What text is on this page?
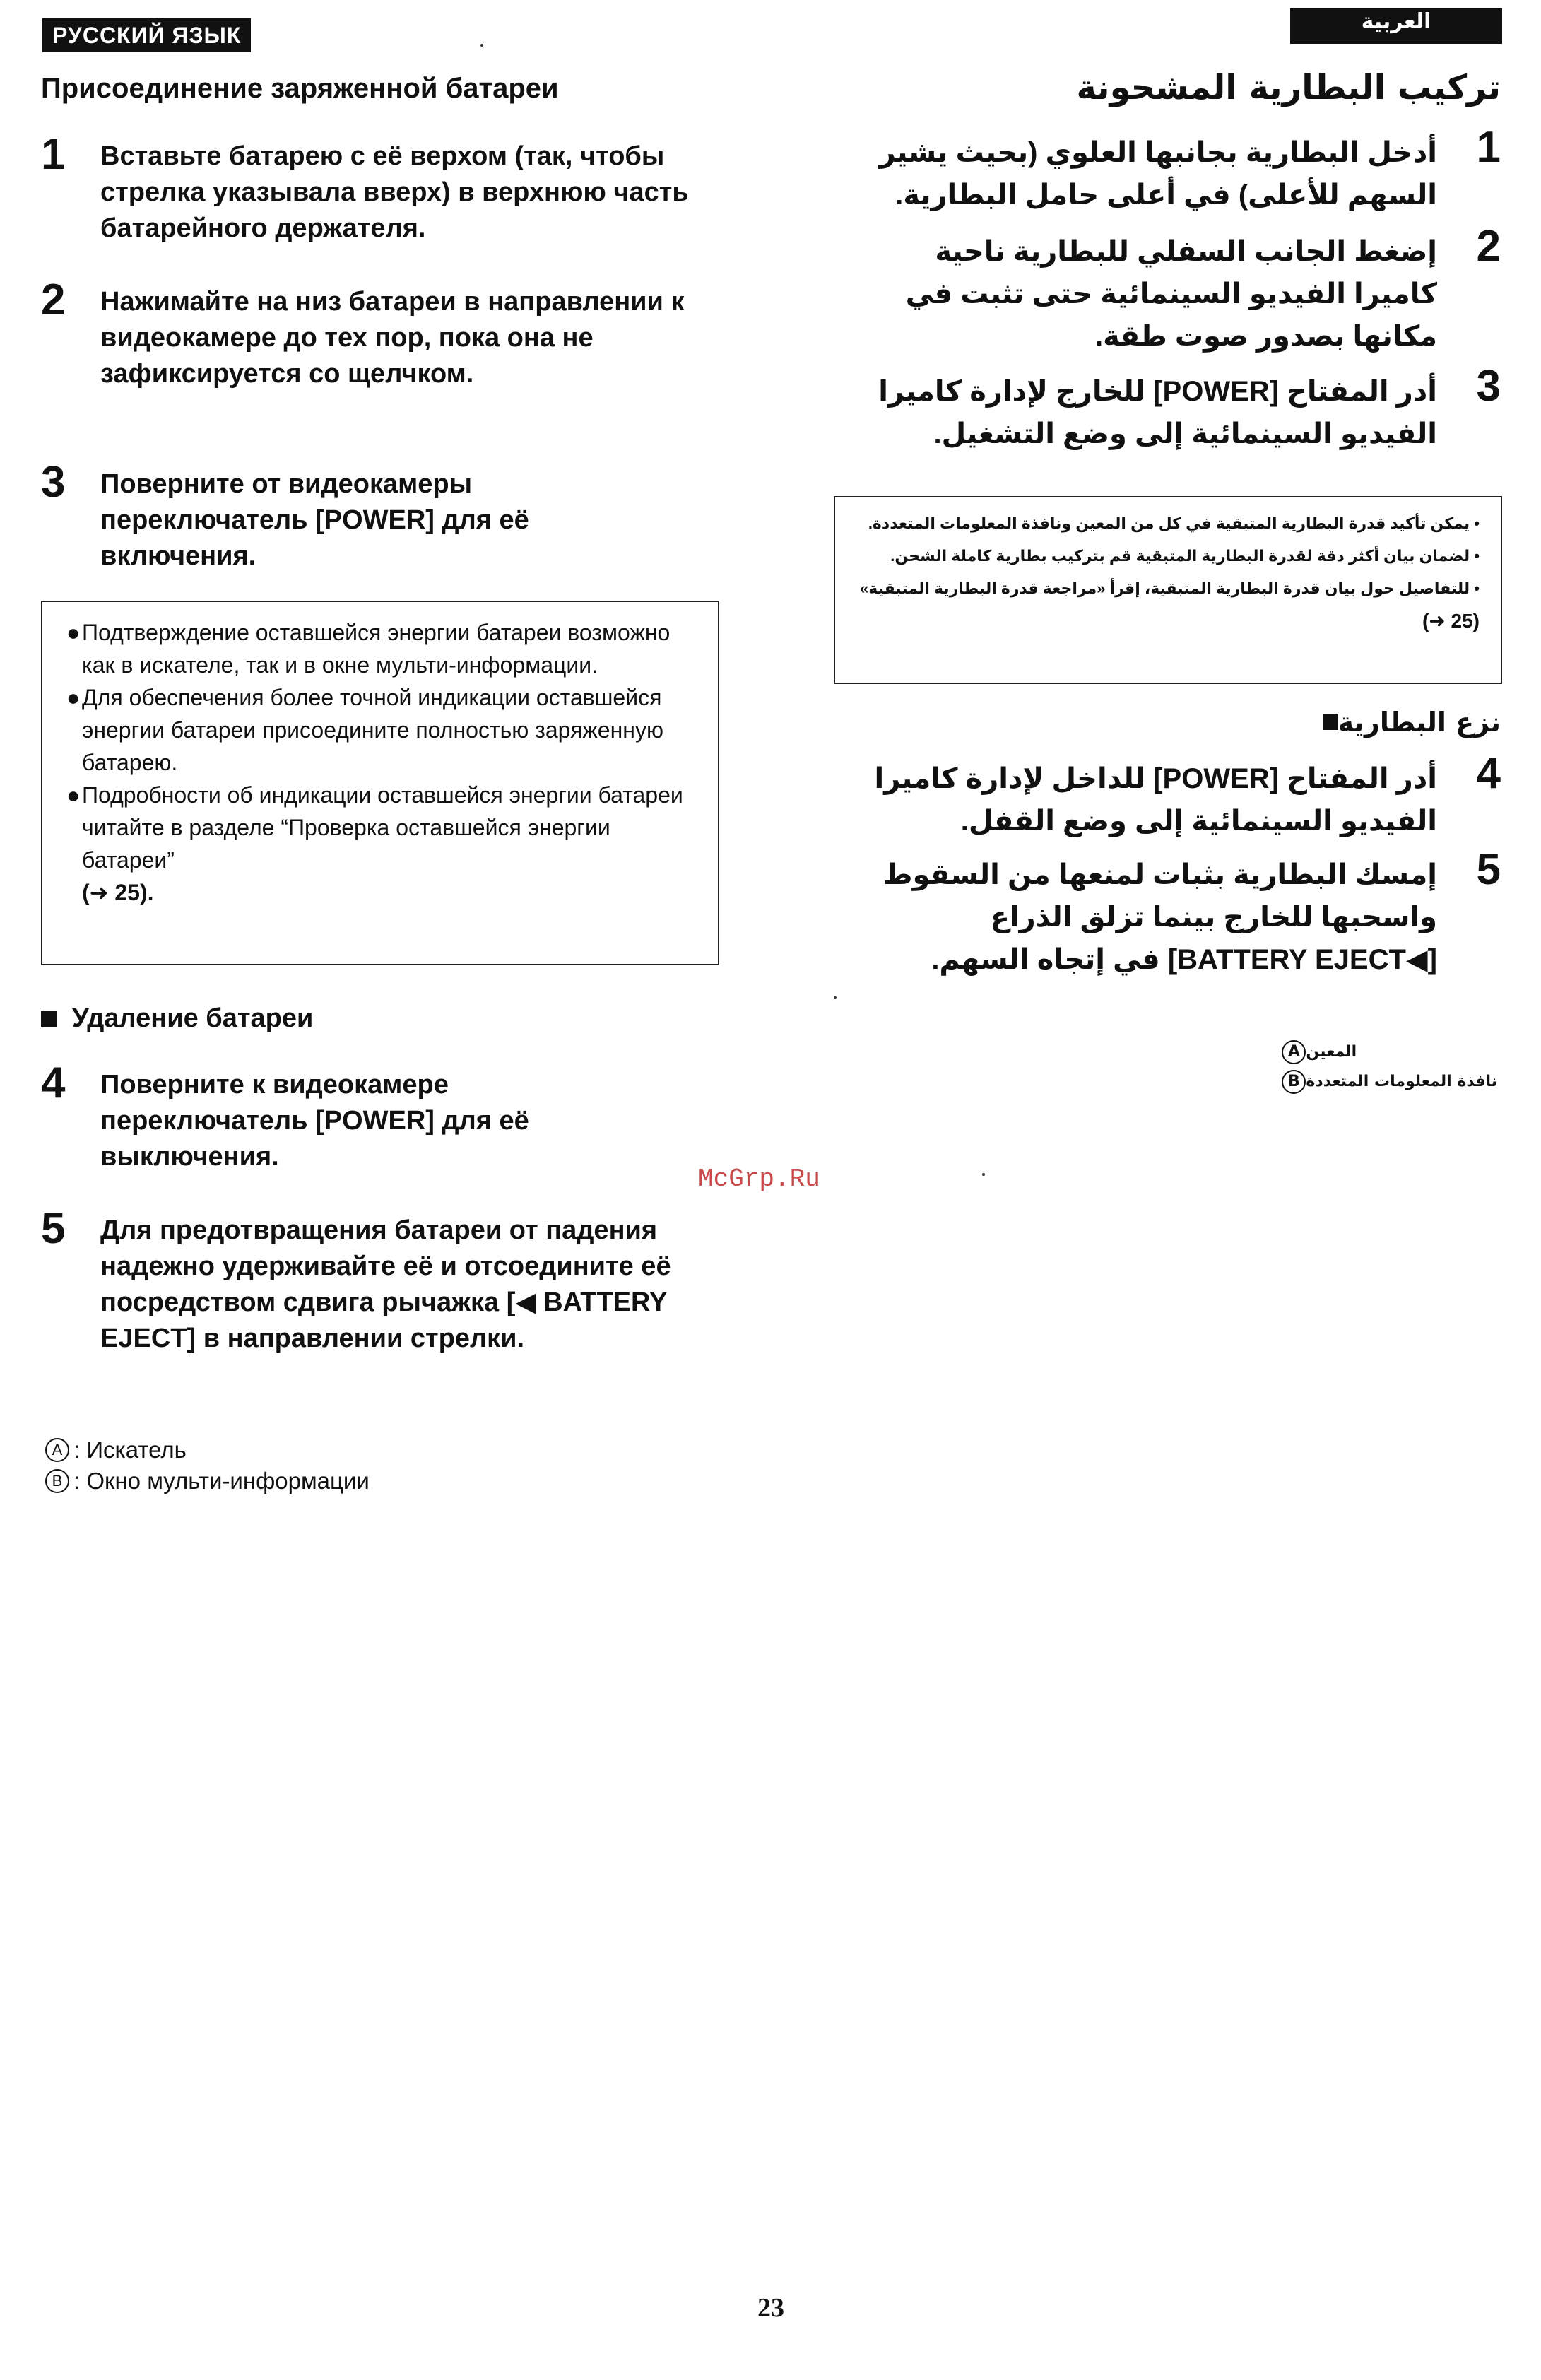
РУССКИЙ ЯЗЫК
العربية
Присоединение заряженной батареи
1	Вставьте батарею с её верхом (так, чтобы стрелка указывала вверх) в верхнюю часть батарейного держателя.
2	Нажимайте на низ батареи в направлении к видеокамере до тех пор, пока она не зафиксируется со щелчком.
3	Поверните от видеокамеры переключатель [POWER] для её включения.

● Подтверждение оставшейся энергии батареи возможно как в искателе, так и в окне мульти-информации.

● Для обеспечения более точной индикации оставшейся энергии батареи присоедините полностью заряженную батарею.

● Подробности об индикации оставшейся энергии батареи читайте в разделе “Проверка оставшейся энергии батареи”

(➜ 25).

Удаление батареи
4	Поверните к видеокамере переключатель [POWER] для её выключения.
5	Для предотвращения батареи от падения надежно удерживайте её и отсоедините её посредством сдвига рычажка [◀ BATTERY EJECT] в направлении стрелки.
A : Искатель
B : Окно мульти-информации
تركيب البطارية المشحونة
1
أدخل البطارية بجانبها العلوي (بحيث يشير السهم للأعلى) في أعلى حامل البطارية.
2
إضغط الجانب السفلي للبطارية ناحية كاميرا الفيديو السينمائية حتى تثبت في مكانها بصدور صوت طقة.
3
أدر المفتاح [POWER] للخارج لإدارة كاميرا الفيديو السينمائية إلى وضع التشغيل.

• يمكن تأكيد قدرة البطارية المتبقية في كل من المعين ونافذة المعلومات المتعددة.

• لضمان بيان أكثر دقة لقدرة البطارية المتبقية قم بتركيب بطارية كاملة الشحن.

• للتفاصيل حول بيان قدرة البطارية المتبقية، إقرأ «مراجعة قدرة البطارية المتبقية»

(➜ 25)

نزع البطارية
4
أدر المفتاح [POWER] للداخل لإدارة كاميرا الفيديو السينمائية إلى وضع القفل.
5
إمسك البطارية بثبات لمنعها من السقوط واسحبها للخارج بينما تزلق الذراع [◀BATTERY EJECT] في إتجاه السهم.
A المعين
B نافذة المعلومات المتعددة
McGrp.Ru
23
